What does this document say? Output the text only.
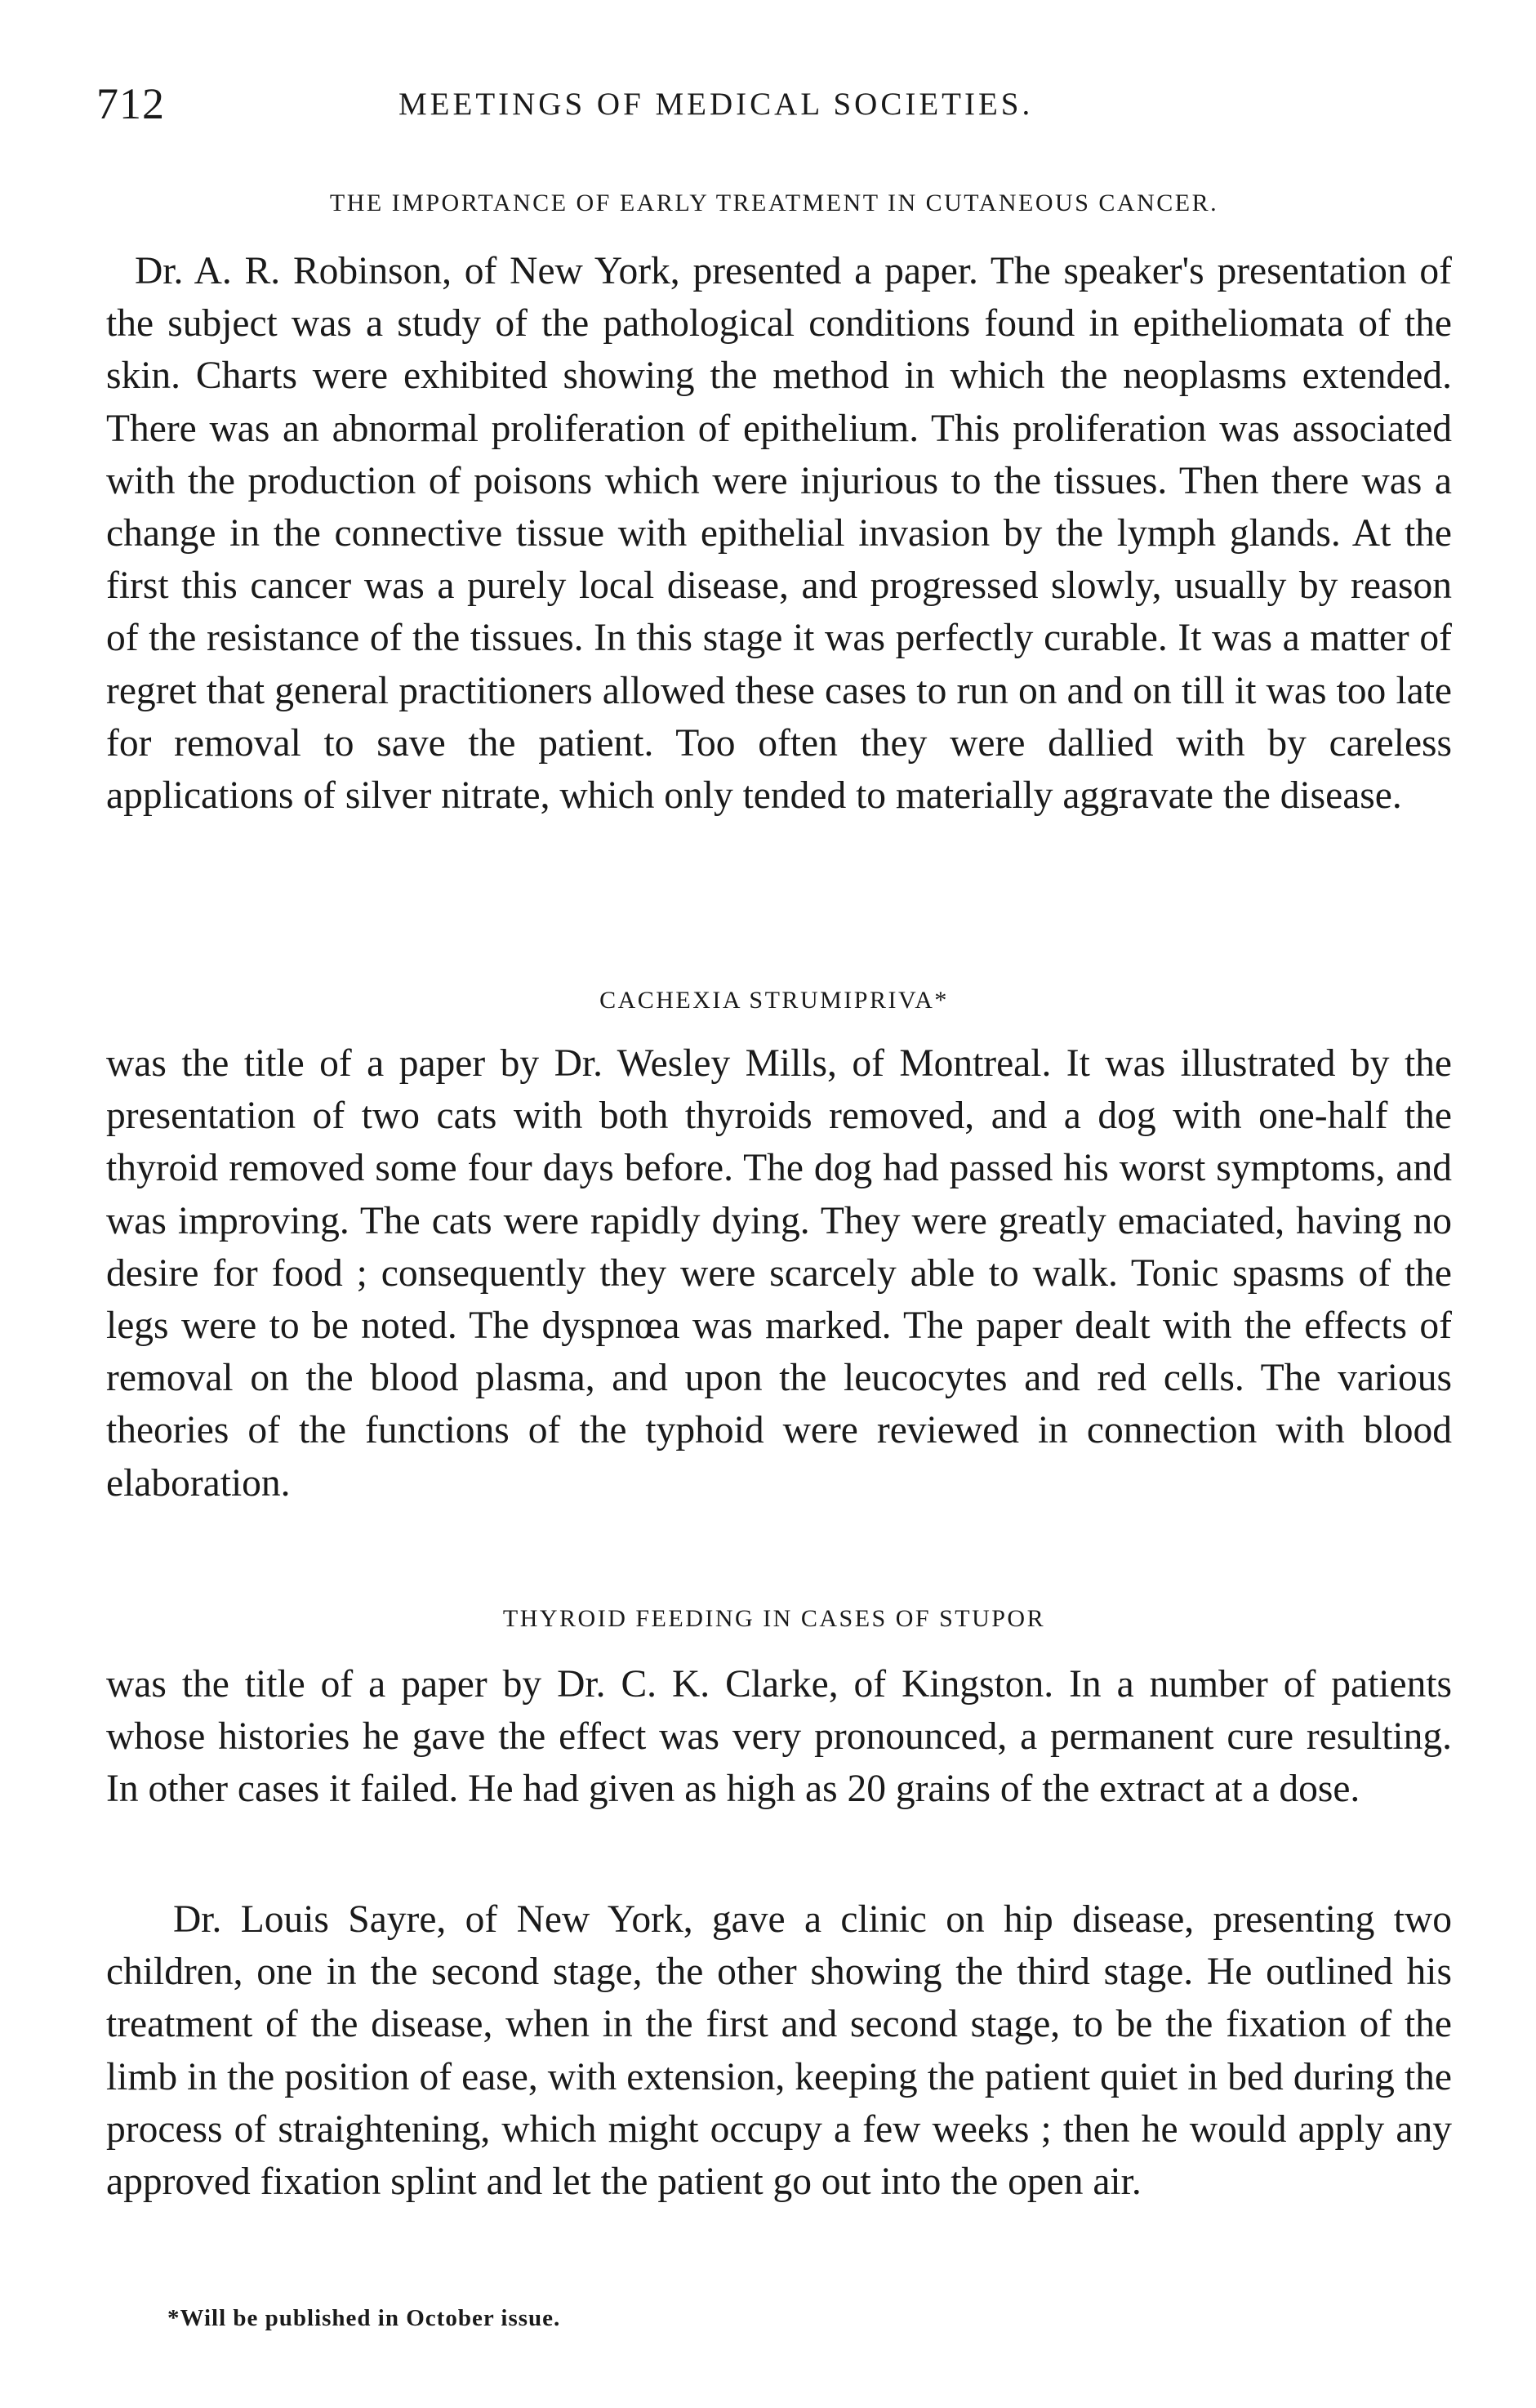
712	MEETINGS OF MEDICAL SOCIETIES.
THE IMPORTANCE OF EARLY TREATMENT IN CUTANEOUS CANCER.

Dr. A. R. Robinson, of New York, presented a paper. The speaker's presentation of the subject was a study of the pathological conditions found in epitheliomata of the skin. Charts were exhibited showing the method in which the neoplasms extended. There was an abnormal proliferation of epithelium. This proliferation was associated with the production of poisons which were injurious to the tissues. Then there was a change in the connective tissue with epithelial invasion by the lymph glands. At the first this cancer was a purely local disease, and progressed slowly, usually by reason of the resistance of the tissues. In this stage it was perfectly curable. It was a matter of regret that general practitioners allowed these cases to run on and on till it was too late for removal to save the patient. Too often they were dallied with by careless applications of silver nitrate, which only tended to materially aggravate the disease.

CACHEXIA STRUMIPRIVA*

was the title of a paper by Dr. Wesley Mills, of Montreal. It was illustrated by the presentation of two cats with both thyroids removed, and a dog with one-half the thyroid removed some four days before. The dog had passed his worst symptoms, and was improving. The cats were rapidly dying. They were greatly emaciated, having no desire for food ; consequently they were scarcely able to walk. Tonic spasms of the legs were to be noted. The dyspnœa was marked. The paper dealt with the effects of removal on the blood plasma, and upon the leucocytes and red cells. The various theories of the functions of the typhoid were reviewed in connection with blood elaboration.

THYROID FEEDING IN CASES OF STUPOR

was the title of a paper by Dr. C. K. Clarke, of Kingston. In a number of patients whose histories he gave the effect was very pronounced, a permanent cure resulting. In other cases it failed. He had given as high as 20 grains of the extract at a dose.

Dr. Louis Sayre, of New York, gave a clinic on hip disease, presenting two children, one in the second stage, the other showing the third stage. He outlined his treatment of the disease, when in the first and second stage, to be the fixation of the limb in the position of ease, with extension, keeping the patient quiet in bed during the process of straightening, which might occupy a few weeks ; then he would apply any approved fixation splint and let the patient go out into the open air.

*Will be published in October issue.
